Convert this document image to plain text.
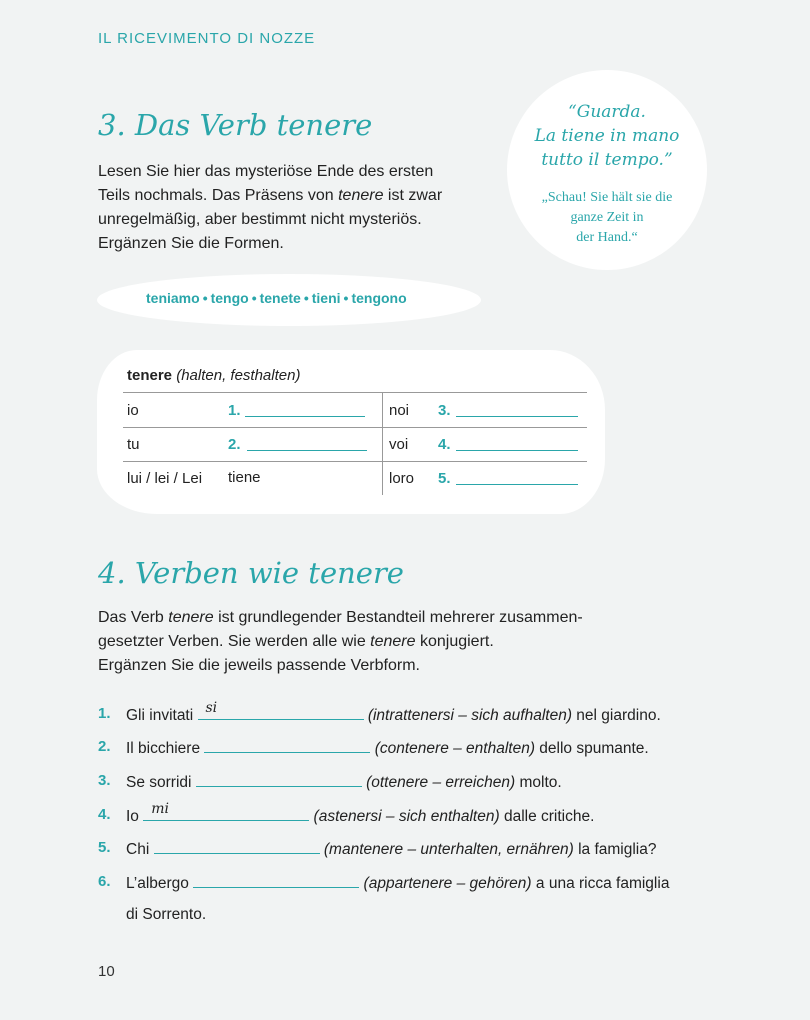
IL RICEVIMENTO DI NOZZE
3. Das Verb tenere
Lesen Sie hier das mysteriöse Ende des ersten
Teils nochmals. Das Präsens von tenere ist zwar
unregelmäßig, aber bestimmt nicht mysteriös.
Ergänzen Sie die Formen.
“Guarda.
La tiene in mano
tutto il tempo.”
„Schau! Sie hält sie die
ganze Zeit in
der Hand.“
teniamo • tengo • tenete • tieni • tengono
tenere (halten, festhalten)
io	1.	noi 3.
tu	2.	voi 4.
lui / lei / Lei tiene	loro 5.
4. Verben wie tenere
Das Verb tenere ist grundlegender Bestandteil mehrerer zusammen-
gesetzter Verben. Sie werden alle wie tenere konjugiert.
Ergänzen Sie die jeweils passende Verbform.
1. Gli invitati si	(intrattenersi – sich aufhalten) nel giardino.
2. Il bicchiere	(contenere – enthalten) dello spumante.
3. Se sorridi	(ottenere – erreichen) molto.
4. Io mi	(astenersi – sich enthalten) dalle critiche.
5. Chi	(mantenere – unterhalten, ernähren) la famiglia?
6. L’albergo	(appartenere – gehören) a una ricca famiglia
di Sorrento.
10
